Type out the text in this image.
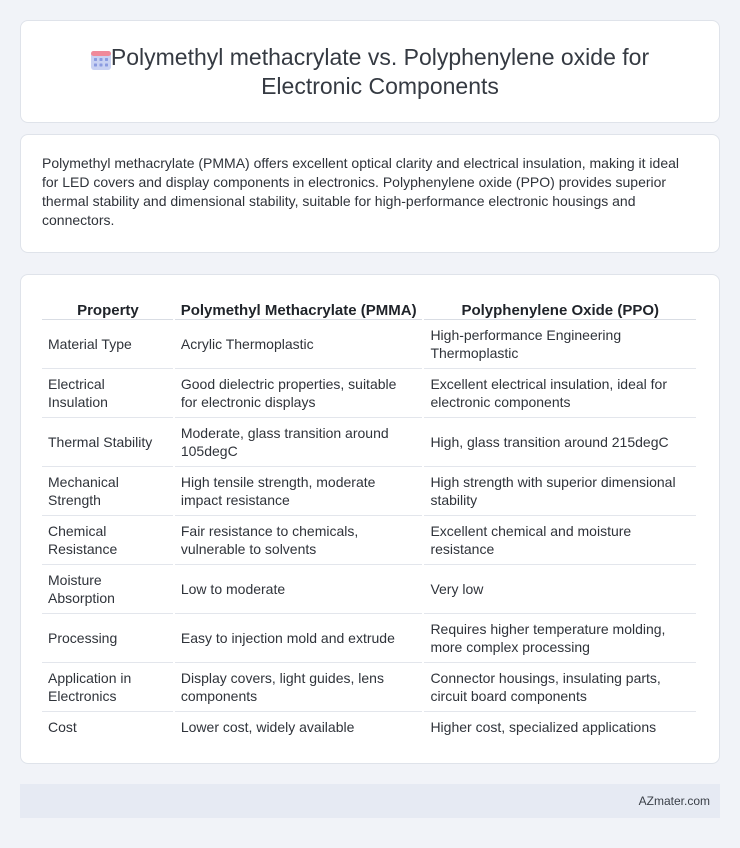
Polymethyl methacrylate vs. Polyphenylene oxide for Electronic Components

Polymethyl methacrylate (PMMA) offers excellent optical clarity and electrical insulation, making it ideal for LED covers and display components in electronics. Polyphenylene oxide (PPO) provides superior thermal stability and dimensional stability, suitable for high-performance electronic housings and connectors.

Property	Polymethyl Methacrylate (PMMA)	Polyphenylene Oxide (PPO)
Material Type	Acrylic Thermoplastic	High-performance Engineering Thermoplastic
Electrical Insulation	Good dielectric properties, suitable for electronic displays	Excellent electrical insulation, ideal for electronic components
Thermal Stability	Moderate, glass transition around 105degC	High, glass transition around 215degC
Mechanical Strength	High tensile strength, moderate impact resistance	High strength with superior dimensional stability
Chemical Resistance	Fair resistance to chemicals, vulnerable to solvents	Excellent chemical and moisture resistance
Moisture Absorption	Low to moderate	Very low
Processing	Easy to injection mold and extrude	Requires higher temperature molding, more complex processing
Application in Electronics	Display covers, light guides, lens components	Connector housings, insulating parts, circuit board components
Cost	Lower cost, widely available	Higher cost, specialized applications
AZmater.com
